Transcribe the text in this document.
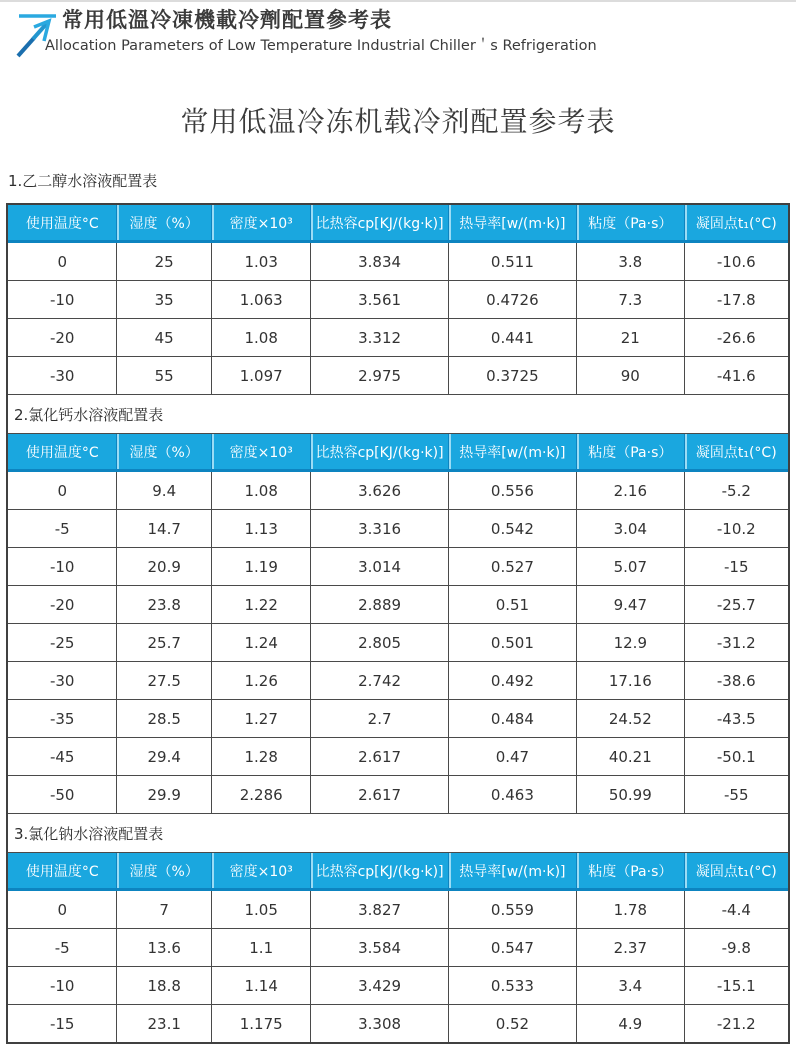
常用低溫冷凍機載冷劑配置參考表
Allocation Parameters of Low Temperature Industrial Chiller＇s Refrigeration
常用低温冷冻机载冷剂配置参考表
1.乙二醇水溶液配置表
使用温度°C	湿度（%）	密度×10³	比热容cp[KJ/(kg·k)]	热导率[w/(m·k)]	粘度（Pa·s）	凝固点t₁(°C)
0	25	1.03	3.834	0.511	3.8	-10.6
-10	35	1.063	3.561	0.4726	7.3	-17.8
-20	45	1.08	3.312	0.441	21	-26.6
-30	55	1.097	2.975	0.3725	90	-41.6
2.氯化钙水溶液配置表
使用温度°C	湿度（%）	密度×10³	比热容cp[KJ/(kg·k)]	热导率[w/(m·k)]	粘度（Pa·s）	凝固点t₁(°C)
0	9.4	1.08	3.626	0.556	2.16	-5.2
-5	14.7	1.13	3.316	0.542	3.04	-10.2
-10	20.9	1.19	3.014	0.527	5.07	-15
-20	23.8	1.22	2.889	0.51	9.47	-25.7
-25	25.7	1.24	2.805	0.501	12.9	-31.2
-30	27.5	1.26	2.742	0.492	17.16	-38.6
-35	28.5	1.27	2.7	0.484	24.52	-43.5
-45	29.4	1.28	2.617	0.47	40.21	-50.1
-50	29.9	2.286	2.617	0.463	50.99	-55
3.氯化钠水溶液配置表
使用温度°C	湿度（%）	密度×10³	比热容cp[KJ/(kg·k)]	热导率[w/(m·k)]	粘度（Pa·s）	凝固点t₁(°C)
0	7	1.05	3.827	0.559	1.78	-4.4
-5	13.6	1.1	3.584	0.547	2.37	-9.8
-10	18.8	1.14	3.429	0.533	3.4	-15.1
-15	23.1	1.175	3.308	0.52	4.9	-21.2
